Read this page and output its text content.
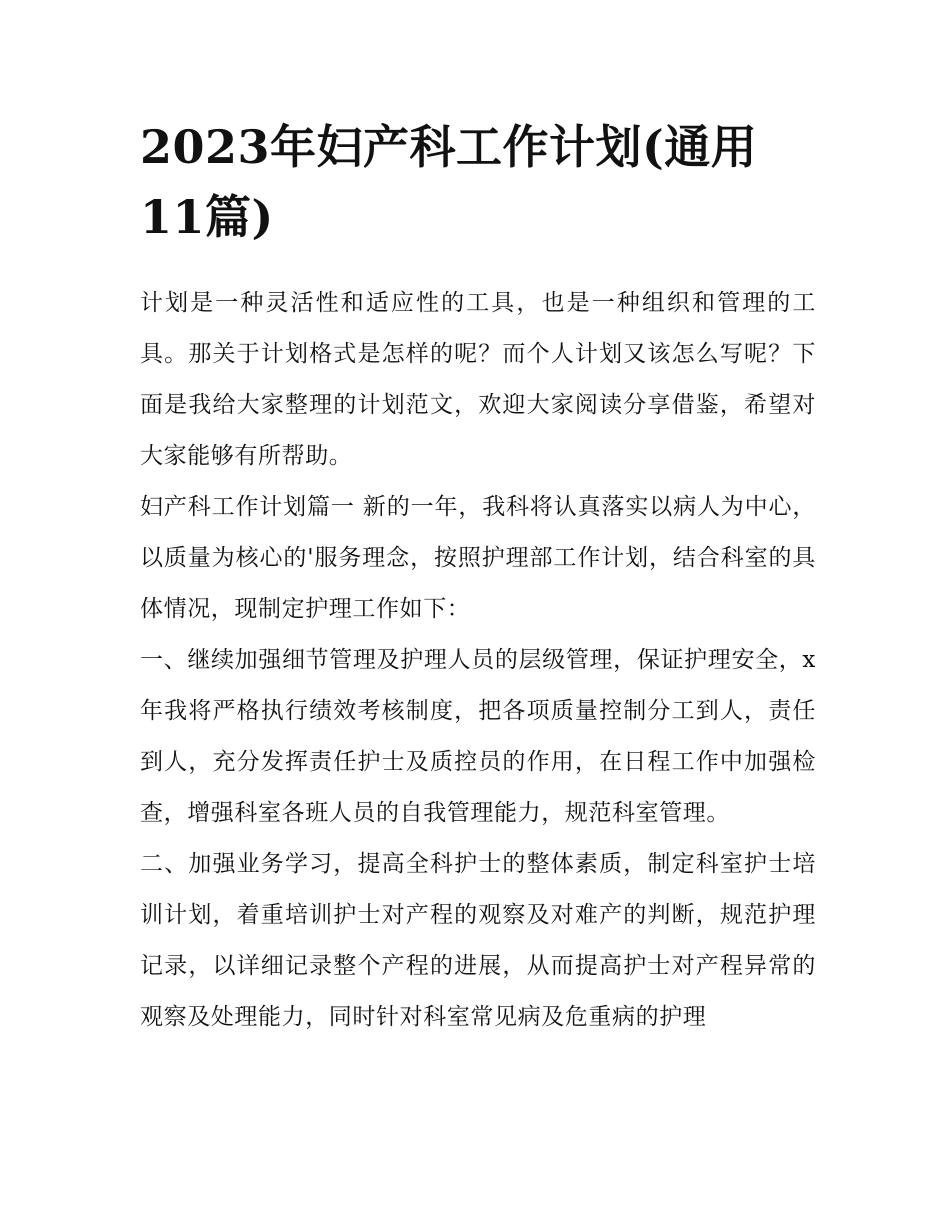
2023年妇产科工作计划(通用11篇)

计划是一种灵活性和适应性的工具，也是一种组织和管理的工具。那关于计划格式是怎样的呢？而个人计划又该怎么写呢？下面是我给大家整理的计划范文，欢迎大家阅读分享借鉴，希望对大家能够有所帮助。

妇产科工作计划篇一 新的一年，我科将认真落实以病人为中心，以质量为核心的'服务理念，按照护理部工作计划，结合科室的具体情况，现制定护理工作如下：

一、继续加强细节管理及护理人员的层级管理，保证护理安全，x年我将严格执行绩效考核制度，把各项质量控制分工到人，责任到人，充分发挥责任护士及质控员的作用，在日程工作中加强检查，增强科室各班人员的自我管理能力，规范科室管理。

二、加强业务学习，提高全科护士的整体素质，制定科室护士培训计划，着重培训护士对产程的观察及对难产的判断，规范护理记录，以详细记录整个产程的进展，从而提高护士对产程异常的观察及处理能力，同时针对科室常见病及危重病的护理
